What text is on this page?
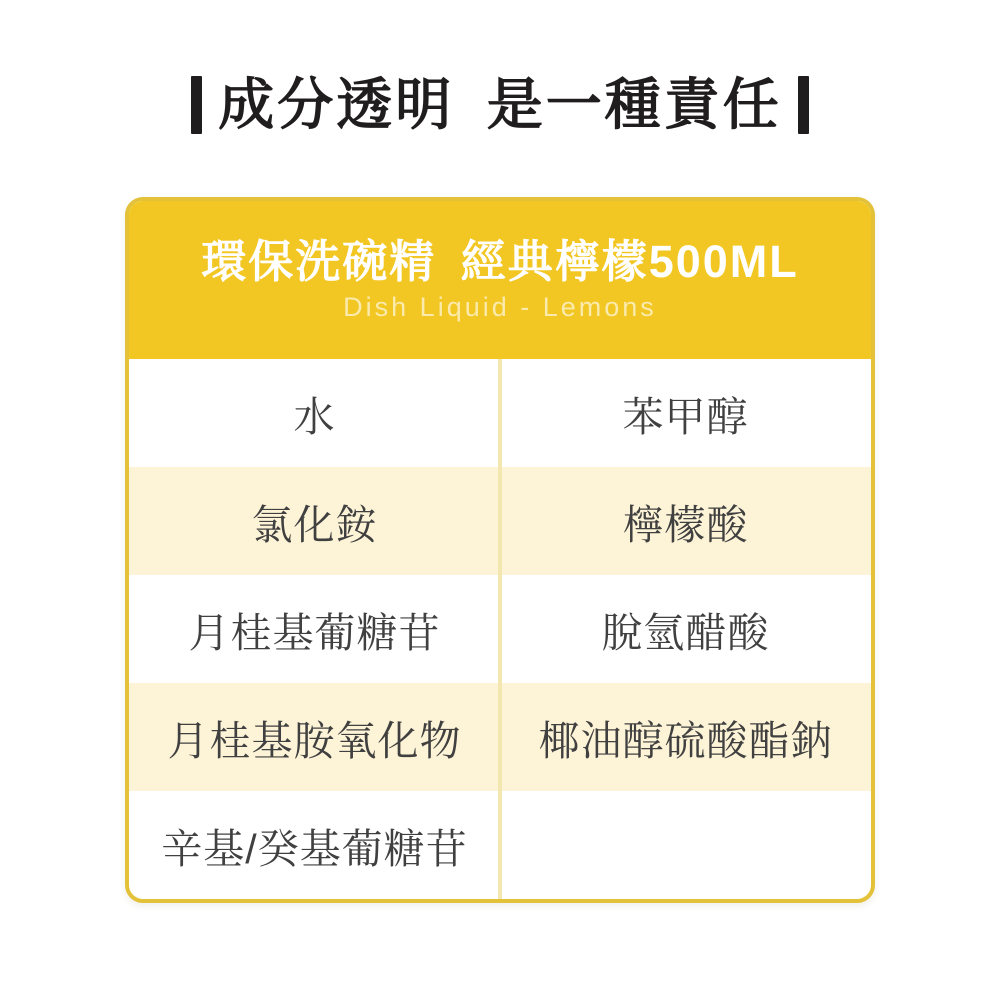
成分透明 是一種責任
環保洗碗精 經典檸檬500ML
Dish Liquid - Lemons
水	苯甲醇
氯化銨	檸檬酸
月桂基葡糖苷	脫氫醋酸
月桂基胺氧化物	椰油醇硫酸酯鈉
辛基/癸基葡糖苷
